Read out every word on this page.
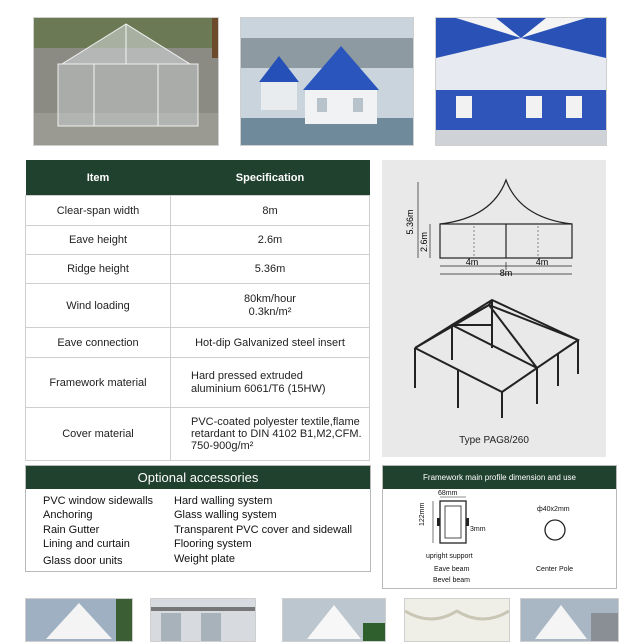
Item	Specification
Clear-span width	8m
Eave height	2.6m
Ridge height	5.36m
Wind loading	80km/hour
0.3kn/m²

Eave connection	Hot-dip Galvanized steel insert
Framework material	Hard pressed extruded
aluminium 6061/T6 (15HW)

Cover material	PVC-coated polyester textile,flame
retardant to DIN 4102 B1,M2,CFM.
750-900g/m²
5.36m
2.6m
4m	4m
8m
Type PAG8/260
Optional accessories
PVC window sidewalls
Anchoring
Rain Gutter
Lining and curtain
Glass door units
Hard walling system
Glass walling system
Transparent PVC cover and sidewall
Flooring system
Weight plate
Framework main profile dimension and use
68mm
122mm
3mm
ф40x2mm
upright support
Eave beam
Bevel beam
Center Pole
